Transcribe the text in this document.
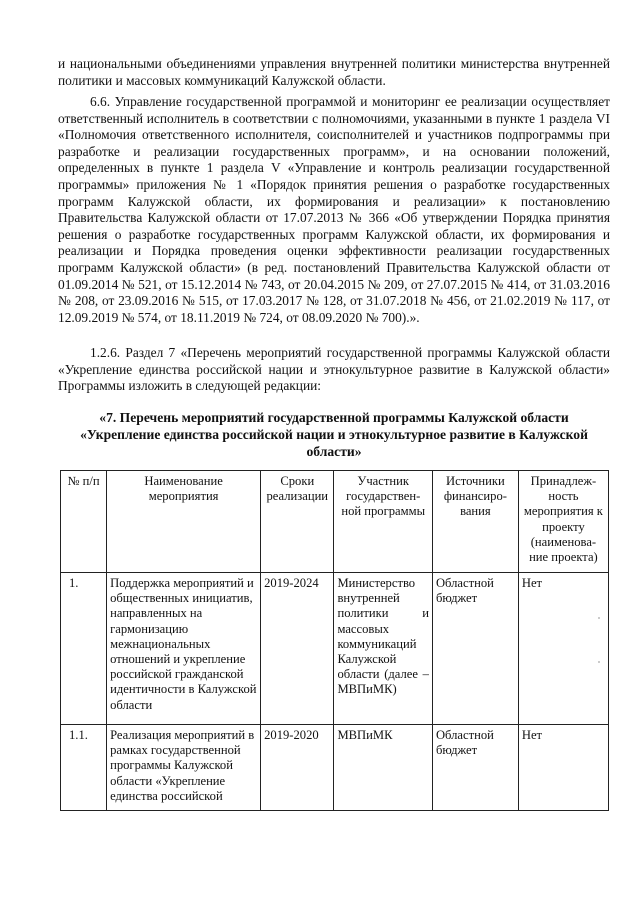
и национальными объединениями управления внутренней политики министерства внутренней политики и массовых коммуникаций Калужской области.

6.6. Управление государственной программой и мониторинг ее реализации осуществляет ответственный исполнитель в соответствии с полномочиями, указанными в пункте 1 раздела VI «Полномочия ответственного исполнителя, соисполнителей и участников подпрограммы при разработке и реализации государственных программ», и на основании положений, определенных в пункте 1 раздела V «Управление и контроль реализации государственной программы» приложения № 1 «Порядок принятия решения о разработке государственных программ Калужской области, их формирования и реализации» к постановлению Правительства Калужской области от 17.07.2013 № 366 «Об утверждении Порядка принятия решения о разработке государственных программ Калужской области, их формирования и реализации и Порядка проведения оценки эффективности реализации государственных программ Калужской области» (в ред. постановлений Правительства Калужской области от 01.09.2014 № 521, от 15.12.2014 № 743, от 20.04.2015 № 209, от 27.07.2015 № 414, от 31.03.2016 № 208, от 23.09.2016 № 515, от 17.03.2017 № 128, от 31.07.2018 № 456, от 21.02.2019 № 117, от 12.09.2019 № 574, от 18.11.2019 № 724, от 08.09.2020 № 700).».

1.2.6. Раздел 7 «Перечень мероприятий государственной программы Калужской области «Укрепление единства российской нации и этнокультурное развитие в Калужской области» Программы изложить в следующей редакции:

«7. Перечень мероприятий государственной программы Калужской области «Укрепление единства российской нации и этнокультурное развитие в Калужской области»

№ п/п	Наименование мероприятия	Сроки реализации	Участник государствен-ной программы	Источники финансиро-вания	Принадлеж-ность мероприятия к проекту (наименова-ние проекта)
1.	Поддержка мероприятий и общественных инициатив, направленных на гармонизацию межнациональных отношений и укрепление российской гражданской идентичности в Калужской области	2019-2024	Министерство внутренней политики и массовых коммуникаций Калужской области (далее – МВПиМК)	Областной бюджет	Нет
1.1.	Реализация мероприятий в рамках государственной программы Калужской области «Укрепление единства российской	2019-2020	МВПиМК	Областной бюджет	Нет
